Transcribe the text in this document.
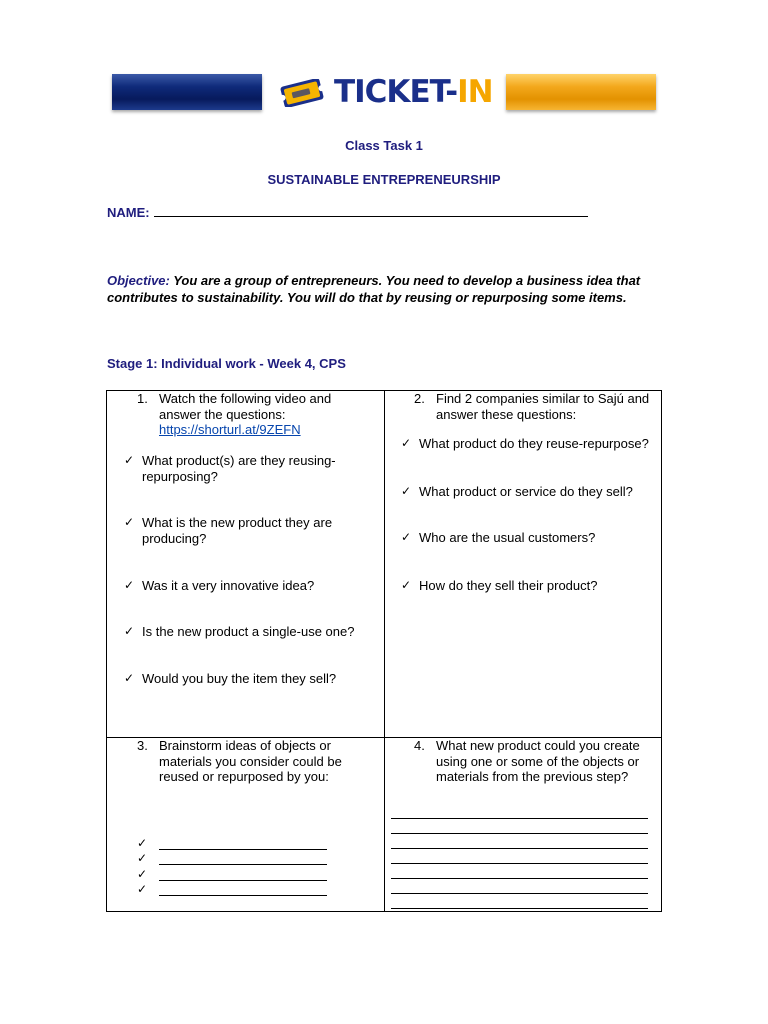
TICKET-IN
Class Task 1
SUSTAINABLE ENTREPRENEURSHIP
NAME:
Objective: You are a group of entrepreneurs. You need to develop a business idea that
contributes to sustainability. You will do that by reusing or repurposing some items.
Stage 1: Individual work - Week 4, CPS
1. Watch the following video and
answer the questions:
https://shorturl.at/9ZEFN
✓ What product(s) are they reusing-
repurposing?
✓ What is the new product they are
producing?
✓ Was it a very innovative idea?
✓ Is the new product a single-use one?
✓ Would you buy the item they sell?
2. Find 2 companies similar to Sajú and
answer these questions:
✓ What product do they reuse-repurpose?
✓ What product or service do they sell?
✓ Who are the usual customers?
✓ How do they sell their product?
3. Brainstorm ideas of objects or
materials you consider could be
reused or repurposed by you:
✓
✓
✓
✓
4. What new product could you create
using one or some of the objects or
materials from the previous step?
